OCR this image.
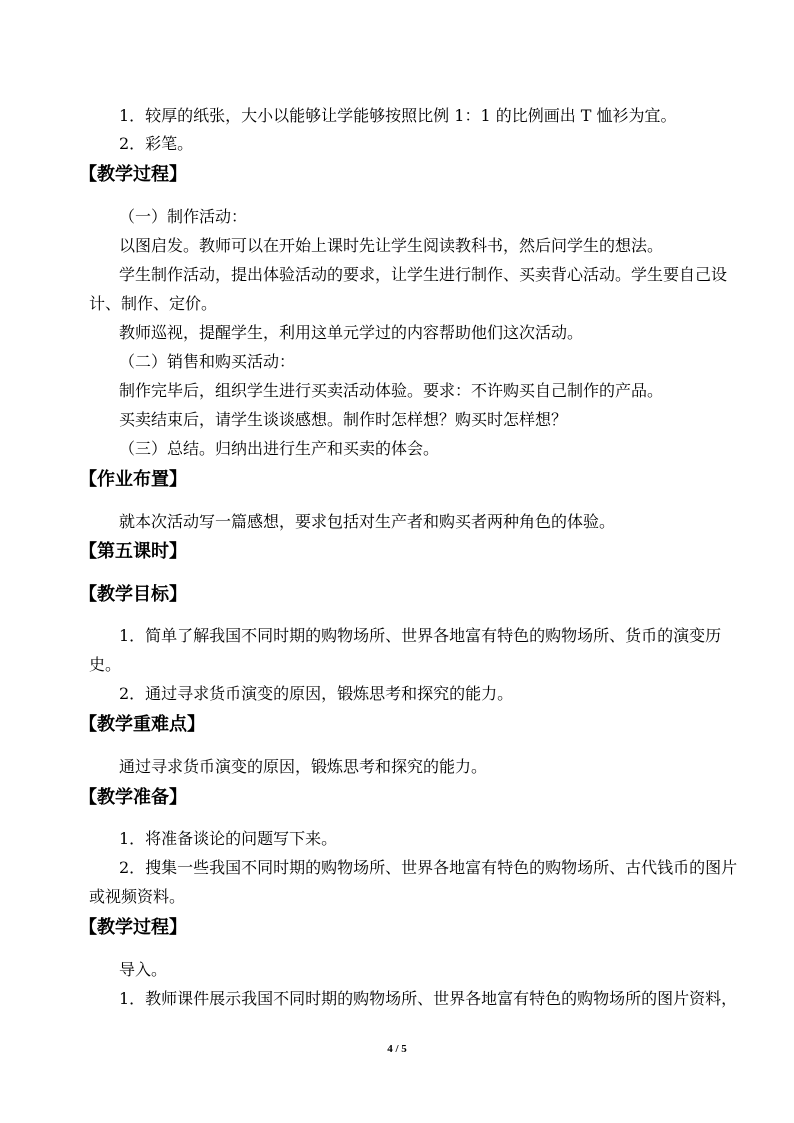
1．较厚的纸张，大小以能够让学能够按照比例 1：1 的比例画出 T 恤衫为宜。
2．彩笔。
【教学过程】
（一）制作活动：
以图启发。教师可以在开始上课时先让学生阅读教科书，然后问学生的想法。
学生制作活动，提出体验活动的要求，让学生进行制作、买卖背心活动。学生要自己设
计、制作、定价。
教师巡视，提醒学生，利用这单元学过的内容帮助他们这次活动。
（二）销售和购买活动：
制作完毕后，组织学生进行买卖活动体验。要求：不许购买自己制作的产品。
买卖结束后，请学生谈谈感想。制作时怎样想？购买时怎样想？
（三）总结。归纳出进行生产和买卖的体会。
【作业布置】
就本次活动写一篇感想，要求包括对生产者和购买者两种角色的体验。
【第五课时】
【教学目标】
1．简单了解我国不同时期的购物场所、世界各地富有特色的购物场所、货币的演变历
史。
2．通过寻求货币演变的原因，锻炼思考和探究的能力。
【教学重难点】
通过寻求货币演变的原因，锻炼思考和探究的能力。
【教学准备】
1．将准备谈论的问题写下来。
2．搜集一些我国不同时期的购物场所、世界各地富有特色的购物场所、古代钱币的图片
或视频资料。
【教学过程】
导入。
1．教师课件展示我国不同时期的购物场所、世界各地富有特色的购物场所的图片资料，
4 / 5
